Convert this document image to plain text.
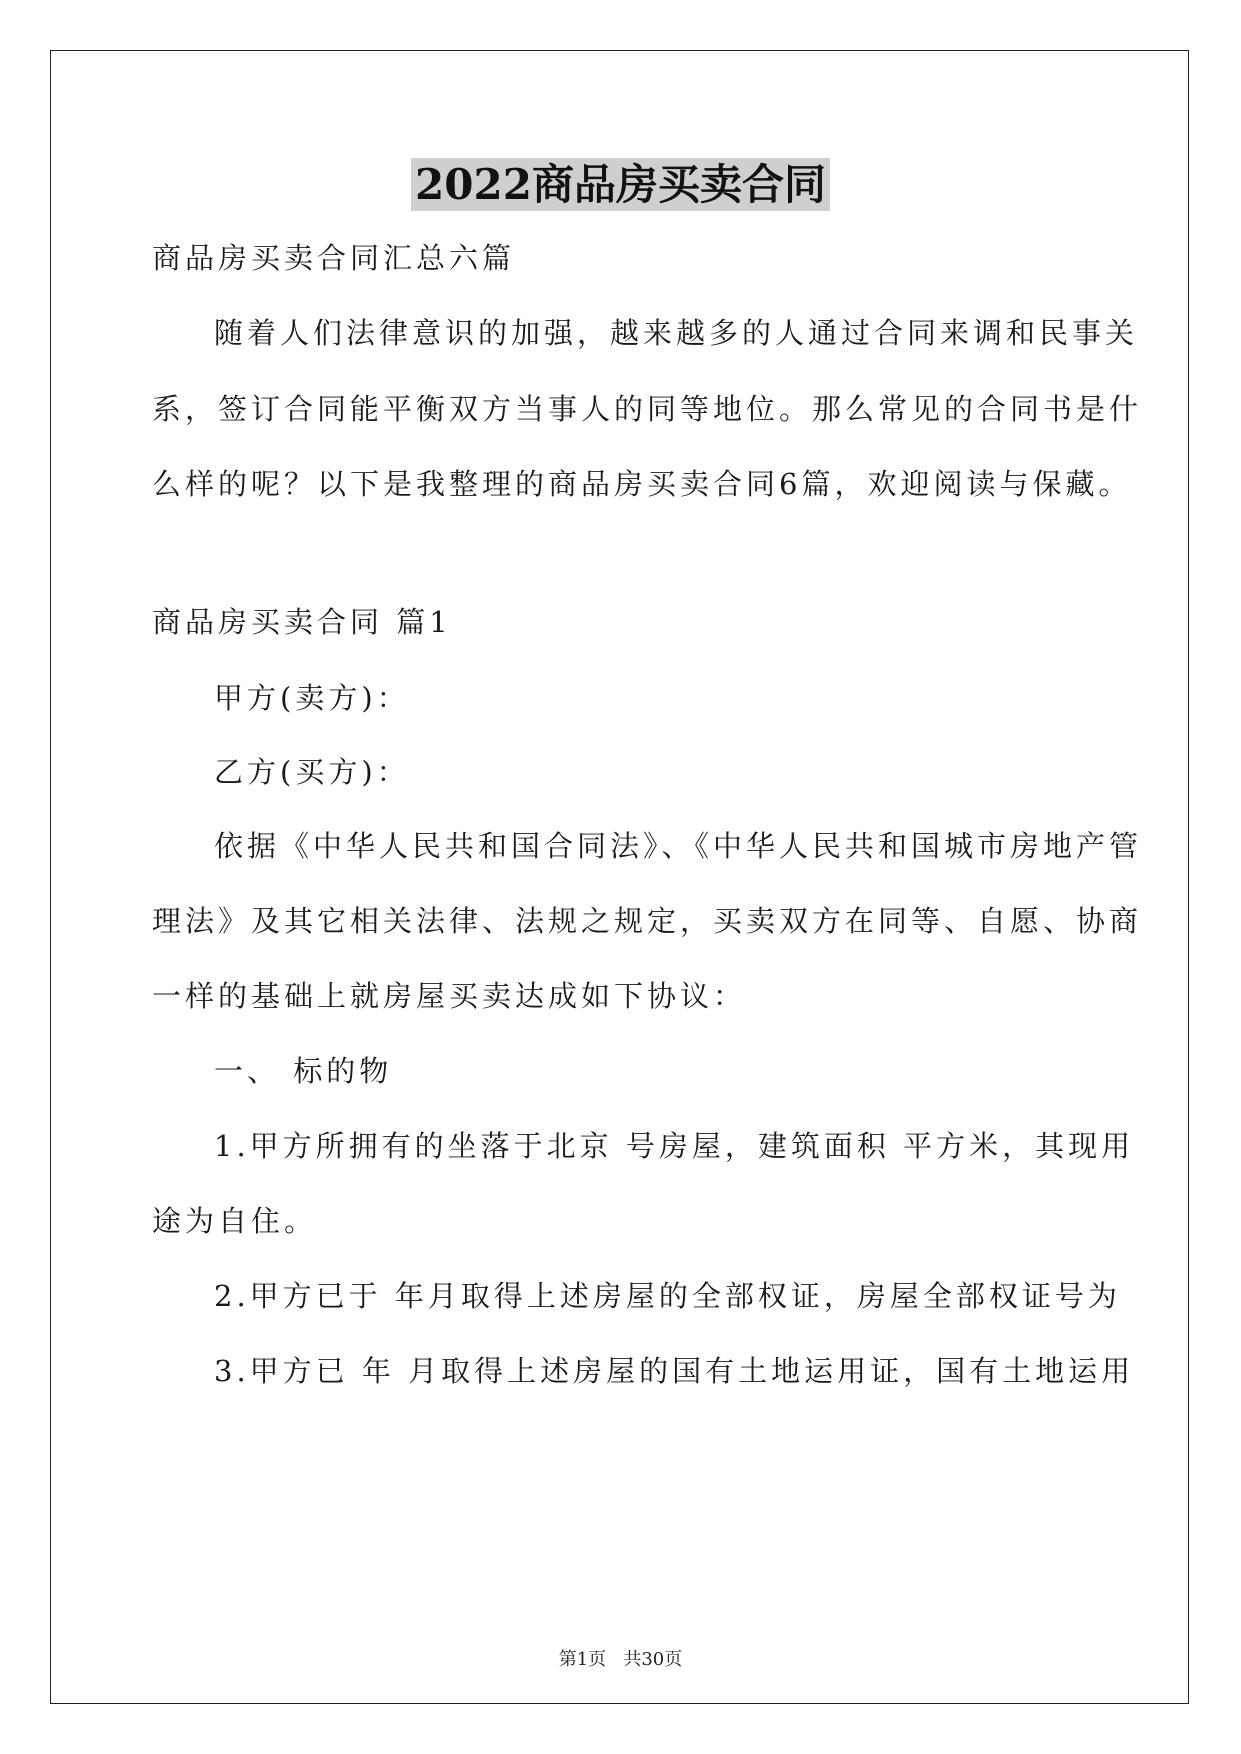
2022商品房买卖合同
商品房买卖合同汇总六篇
随着人们法律意识的加强，越来越多的人通过合同来调和民事关
系，签订合同能平衡双方当事人的同等地位。那么常见的合同书是什
么样的呢？以下是我整理的商品房买卖合同6篇，欢迎阅读与保藏。
商品房买卖合同 篇1
甲方(卖方)：
乙方(买方)：
依据《中华人民共和国合同法》、《中华人民共和国城市房地产管
理法》及其它相关法律、法规之规定，买卖双方在同等、自愿、协商
一样的基础上就房屋买卖达成如下协议：
一、 标的物
1.甲方所拥有的坐落于北京 号房屋，建筑面积 平方米，其现用
途为自住。
2.甲方已于 年月取得上述房屋的全部权证，房屋全部权证号为
3.甲方已 年 月取得上述房屋的国有土地运用证，国有土地运用
第1页   共30页
